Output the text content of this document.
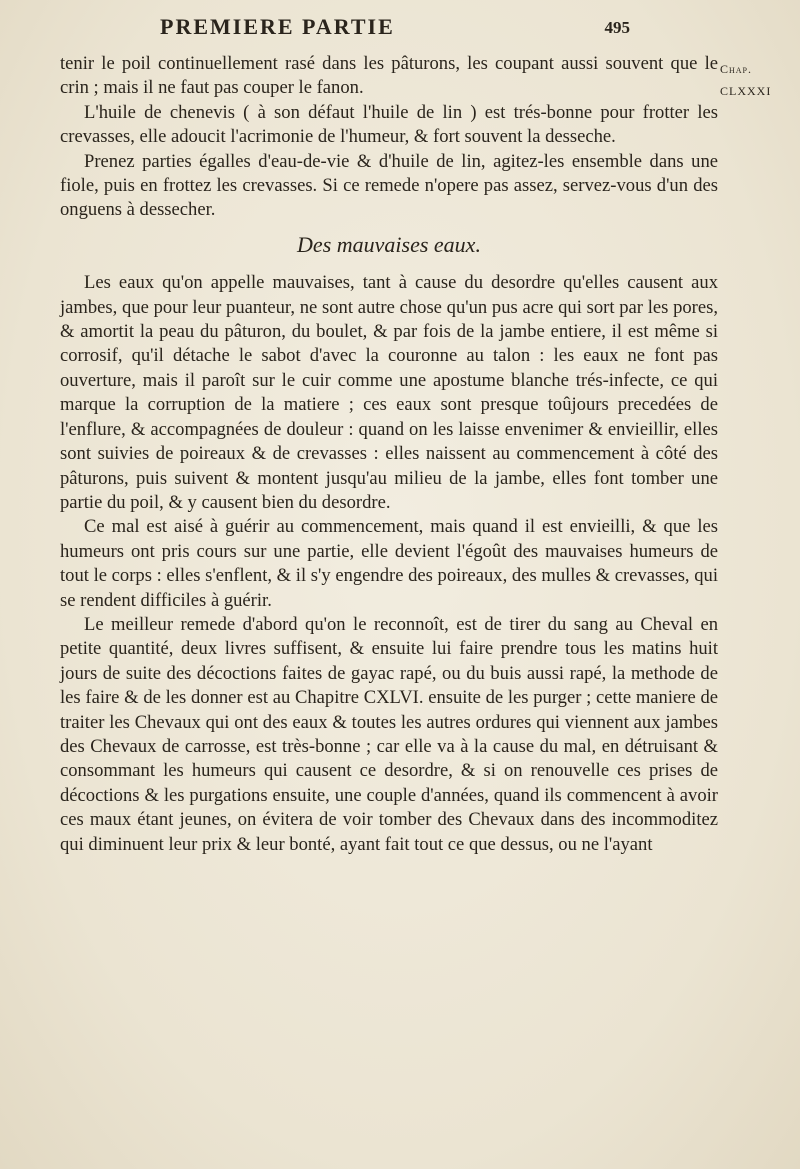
PREMIERE PARTIE	495
Chap.
CLXXXI

tenir le poil continuellement rasé dans les pâturons, les coupant aussi souvent que le crin ; mais il ne faut pas couper le fanon.

L'huile de chenevis ( à son défaut l'huile de lin ) est trés-bonne pour frotter les crevasses, elle adoucit l'acrimonie de l'humeur, & fort souvent la desseche.

Prenez parties égalles d'eau-de-vie & d'huile de lin, agitez-les ensemble dans une fiole, puis en frottez les crevasses. Si ce remede n'opere pas assez, servez-vous d'un des onguens à dessecher.

Des mauvaises eaux.

Les eaux qu'on appelle mauvaises, tant à cause du desordre qu'elles causent aux jambes, que pour leur puanteur, ne sont autre chose qu'un pus acre qui sort par les pores, & amortit la peau du pâturon, du boulet, & par fois de la jambe entiere, il est même si corrosif, qu'il détache le sabot d'avec la couronne au talon : les eaux ne font pas ouverture, mais il paroît sur le cuir comme une apostume blanche trés-infecte, ce qui marque la corruption de la matiere ; ces eaux sont presque toûjours precedées de l'enflure, & accompagnées de douleur : quand on les laisse envenimer & envieillir, elles sont suivies de poireaux & de crevasses : elles naissent au commencement à côté des pâturons, puis suivent & montent jusqu'au milieu de la jambe, elles font tomber une partie du poil, & y causent bien du desordre.

Ce mal est aisé à guérir au commencement, mais quand il est envieilli, & que les humeurs ont pris cours sur une partie, elle devient l'égoût des mauvaises humeurs de tout le corps : elles s'enflent, & il s'y engendre des poireaux, des mulles & crevasses, qui se rendent difficiles à guérir.

Le meilleur remede d'abord qu'on le reconnoît, est de tirer du sang au Cheval en petite quantité, deux livres suffisent, & ensuite lui faire prendre tous les matins huit jours de suite des décoctions faites de gayac rapé, ou du buis aussi rapé, la methode de les faire & de les donner est au Chapitre CXLVI. ensuite de les purger ; cette maniere de traiter les Chevaux qui ont des eaux & toutes les autres ordures qui viennent aux jambes des Chevaux de carrosse, est très-bonne ; car elle va à la cause du mal, en détruisant & consommant les humeurs qui causent ce desordre, & si on renouvelle ces prises de décoctions & les purgations ensuite, une couple d'années, quand ils commencent à avoir ces maux étant jeunes, on évitera de voir tomber des Chevaux dans des incommoditez qui diminuent leur prix & leur bonté, ayant fait tout ce que dessus, ou ne l'ayant
